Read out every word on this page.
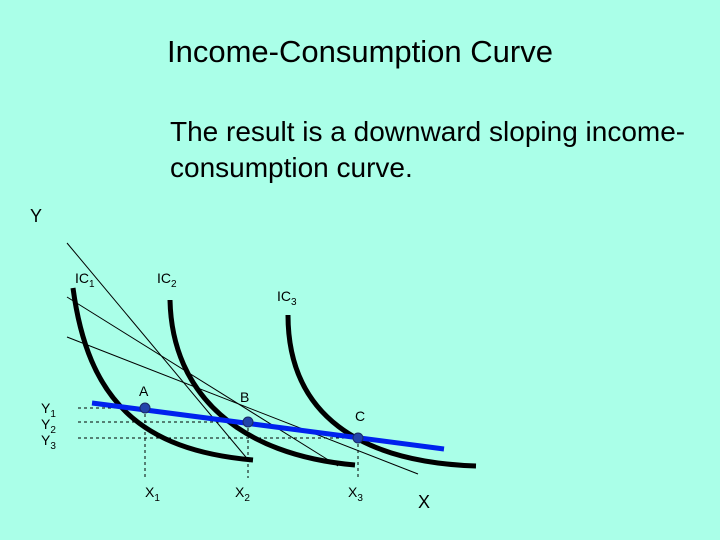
Income-Consumption Curve
The result is a downward sloping income-consumption curve.
Y
$IC_1$	$IC_2$
$IC_3$
A	B
C
$Y_1$
$Y_2$
$Y_3$
$X_1$	$X_2$	$X_3$	X
